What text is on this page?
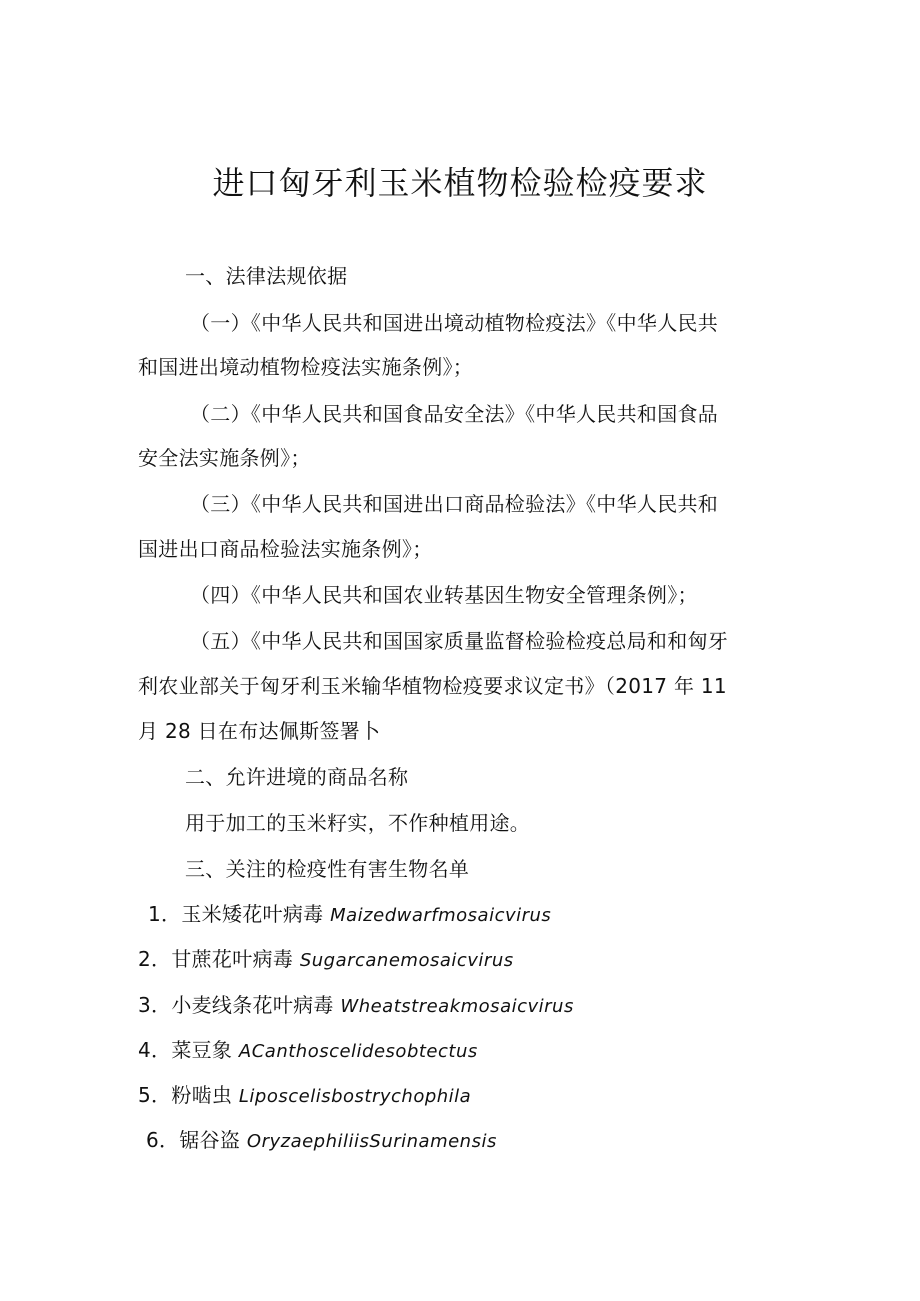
进口匈牙利玉米植物检验检疫要求
一、法律法规依据
（一）《中华人民共和国进出境动植物检疫法》《中华人民共
和国进出境动植物检疫法实施条例》；
（二）《中华人民共和国食品安全法》《中华人民共和国食品
安全法实施条例》；
（三）《中华人民共和国进出口商品检验法》《中华人民共和
国进出口商品检验法实施条例》；
（四）《中华人民共和国农业转基因生物安全管理条例》；
（五）《中华人民共和国国家质量监督检验检疫总局和和匈牙
利农业部关于匈牙利玉米输华植物检疫要求议定书》（2017 年 11
月 28 日在布达佩斯签署卜
二、允许进境的商品名称
用于加工的玉米籽实，不作种植用途。
三、关注的检疫性有害生物名单
1．玉米矮花叶病毒 Maizedwarfmosaicvirus
2．甘蔗花叶病毒 Sugarcanemosaicvirus
3．小麦线条花叶病毒 Wheatstreakmosaicvirus
4．菜豆象 ACanthoscelidesobtectus
5．粉啮虫 Liposcelisbostrychophila
6．锯谷盗 OryzaephiliisSurinamensis
